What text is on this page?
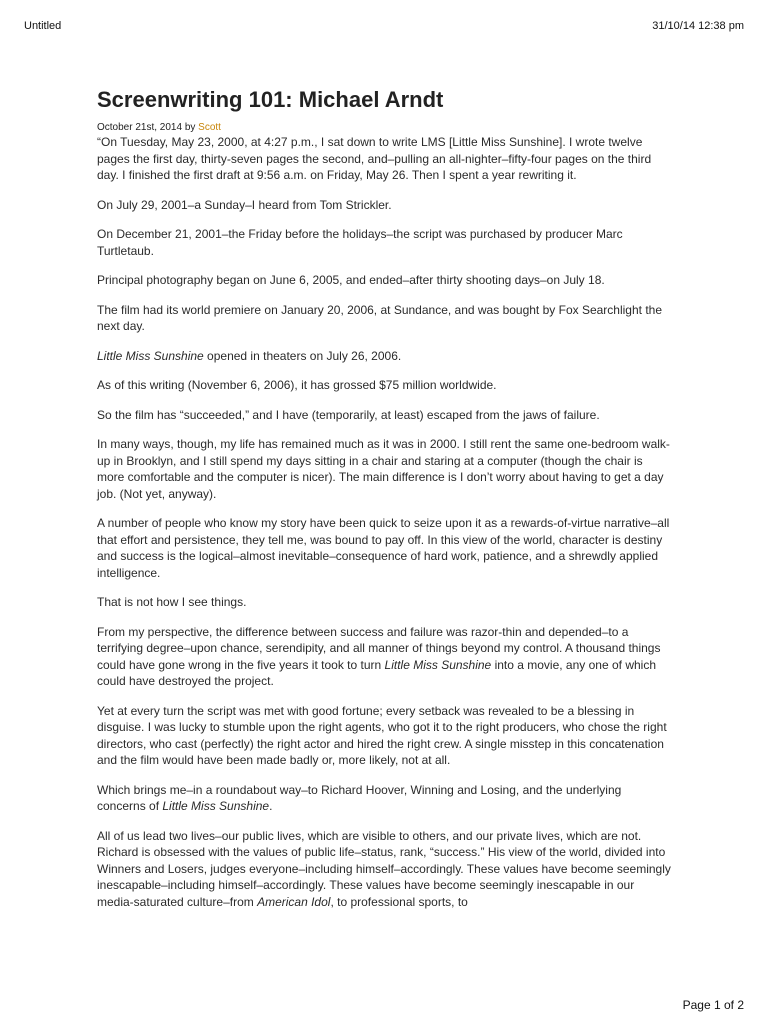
Untitled	31/10/14 12:38 pm
Screenwriting 101: Michael Arndt
October 21st, 2014 by Scott

“On Tuesday, May 23, 2000, at 4:27 p.m., I sat down to write LMS [Little Miss Sunshine]. I wrote twelve pages the first day, thirty-seven pages the second, and–pulling an all-nighter–fifty-four pages on the third day. I finished the first draft at 9:56 a.m. on Friday, May 26. Then I spent a year rewriting it.

On July 29, 2001–a Sunday–I heard from Tom Strickler.

On December 21, 2001–the Friday before the holidays–the script was purchased by producer Marc Turtletaub.

Principal photography began on June 6, 2005, and ended–after thirty shooting days–on July 18.

The film had its world premiere on January 20, 2006, at Sundance, and was bought by Fox Searchlight the next day.

Little Miss Sunshine opened in theaters on July 26, 2006.

As of this writing (November 6, 2006), it has grossed $75 million worldwide.

So the film has “succeeded,” and I have (temporarily, at least) escaped from the jaws of failure.

In many ways, though, my life has remained much as it was in 2000. I still rent the same one-bedroom walk-up in Brooklyn, and I still spend my days sitting in a chair and staring at a computer (though the chair is more comfortable and the computer is nicer). The main difference is I don’t worry about having to get a day job. (Not yet, anyway).

A number of people who know my story have been quick to seize upon it as a rewards-of-virtue narrative–all that effort and persistence, they tell me, was bound to pay off. In this view of the world, character is destiny and success is the logical–almost inevitable–consequence of hard work, patience, and a shrewdly applied intelligence.

That is not how I see things.

From my perspective, the difference between success and failure was razor-thin and depended–to a terrifying degree–upon chance, serendipity, and all manner of things beyond my control. A thousand things could have gone wrong in the five years it took to turn Little Miss Sunshine into a movie, any one of which could have destroyed the project.

Yet at every turn the script was met with good fortune; every setback was revealed to be a blessing in disguise. I was lucky to stumble upon the right agents, who got it to the right producers, who chose the right directors, who cast (perfectly) the right actor and hired the right crew. A single misstep in this concatenation and the film would have been made badly or, more likely, not at all.

Which brings me–in a roundabout way–to Richard Hoover, Winning and Losing, and the underlying concerns of Little Miss Sunshine.

All of us lead two lives–our public lives, which are visible to others, and our private lives, which are not. Richard is obsessed with the values of public life–status, rank, “success.” His view of the world, divided into Winners and Losers, judges everyone–including himself–accordingly. These values have become seemingly inescapable–including himself–accordingly. These values have become seemingly inescapable in our media-saturated culture–from American Idol, to professional sports, to

Page 1 of 2
